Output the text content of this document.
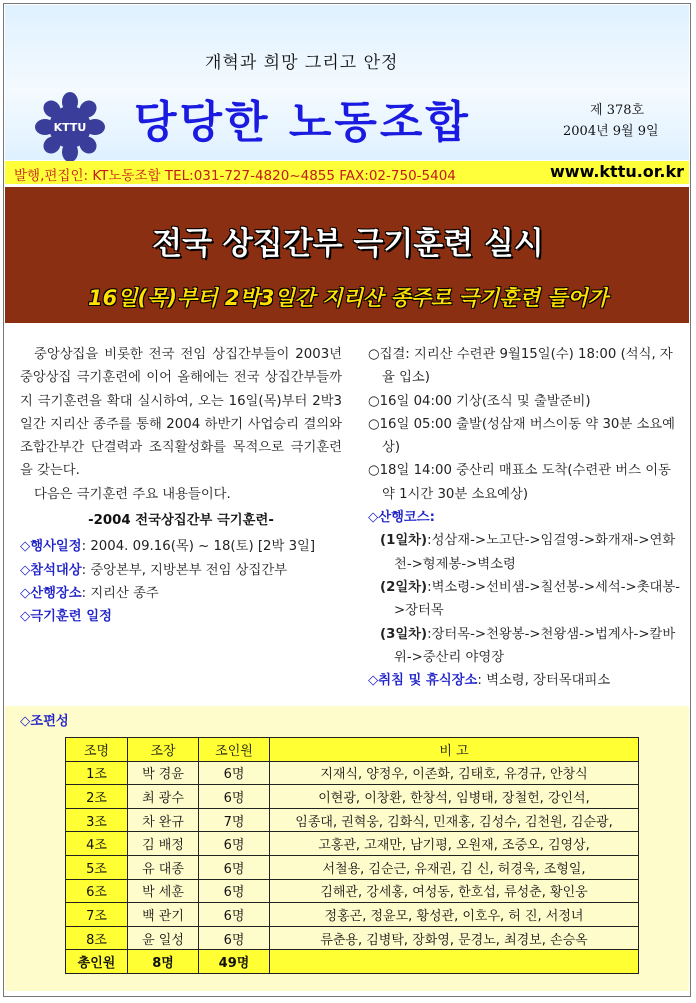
개혁과 희망 그리고 안정
KTTU 당당한 노동조합	제 378호
2004년 9월 9일
발행,편집인: KT노동조합 TEL:031-727-4820~4855 FAX:02-750-5404	www.kttu.or.kr
전국 상집간부 극기훈련 실시
16일(목)부터 2박3일간 지리산 종주로 극기훈련 들어가

중앙상집을 비롯한 전국 전임 상집간부들이 2003년 중앙상집 극기훈련에 이어 올해에는 전국 상집간부들까지 극기훈련을 확대 실시하여, 오는 16일(목)부터 2박3일간 지리산 종주를 통해 2004 하반기 사업승리 결의와 조합간부간 단결력과 조직활성화를 목적으로 극기훈련을 갖는다.

다음은 극기훈련 주요 내용들이다.

-2004 전국상집간부 극기훈련-

◇행사일정: 2004. 09.16(목) ~ 18(토) [2박 3일]

◇참석대상: 중앙본부, 지방본부 전임 상집간부

◇산행장소: 지리산 종주

◇극기훈련 일정

○집결: 지리산 수련관 9월15일(수) 18:00 (석식, 자율 입소)

○16일 04:00 기상(조식 및 출발준비)

○16일 05:00 출발(성삼재 버스이동 약 30분 소요예상)

○18일 14:00 중산리 매표소 도착(수련관 버스 이동 약 1시간 30분 소요예상)

◇산행코스:

(1일차):성삼재->노고단->임걸영->화개재->연화천->형제봉->벽소령

(2일차):벽소령->선비샘->칠선봉->세석->촛대봉->장터목

(3일차):장터목->천왕봉->천왕샘->법계사->칼바위->중산리 야영장

◇취침 및 휴식장소: 벽소령, 장터목대피소

◇조편성
조명	조장	조인원	비 고
1조	박 경윤	6명	지재식, 양정우, 이존화, 김태호, 유경규, 안창식
2조	최 광수	6명	이현광, 이창환, 한창석, 임병태, 장철헌, 강인석,
3조	차 완규	7명	임종대, 권혁웅, 김화식, 민재홍, 김성수, 김천원, 김순광,
4조	김 배정	6명	고홍관, 고재만, 남기평, 오원재, 조중오, 김영상,
5조	유 대종	6명	서철용, 김순근, 유재권, 김 신, 허경욱, 조형일,
6조	박 세훈	6명	김해관, 강세홍, 여성동, 한호섭, 류성춘, 황인웅
7조	백 관기	6명	정홍곤, 정윤모, 황성관, 이호우, 허 진, 서정녀
8조	윤 일성	6명	류춘용, 김병탁, 장화영, 문경노, 최경보, 손승옥
총인원	8명	49명	
